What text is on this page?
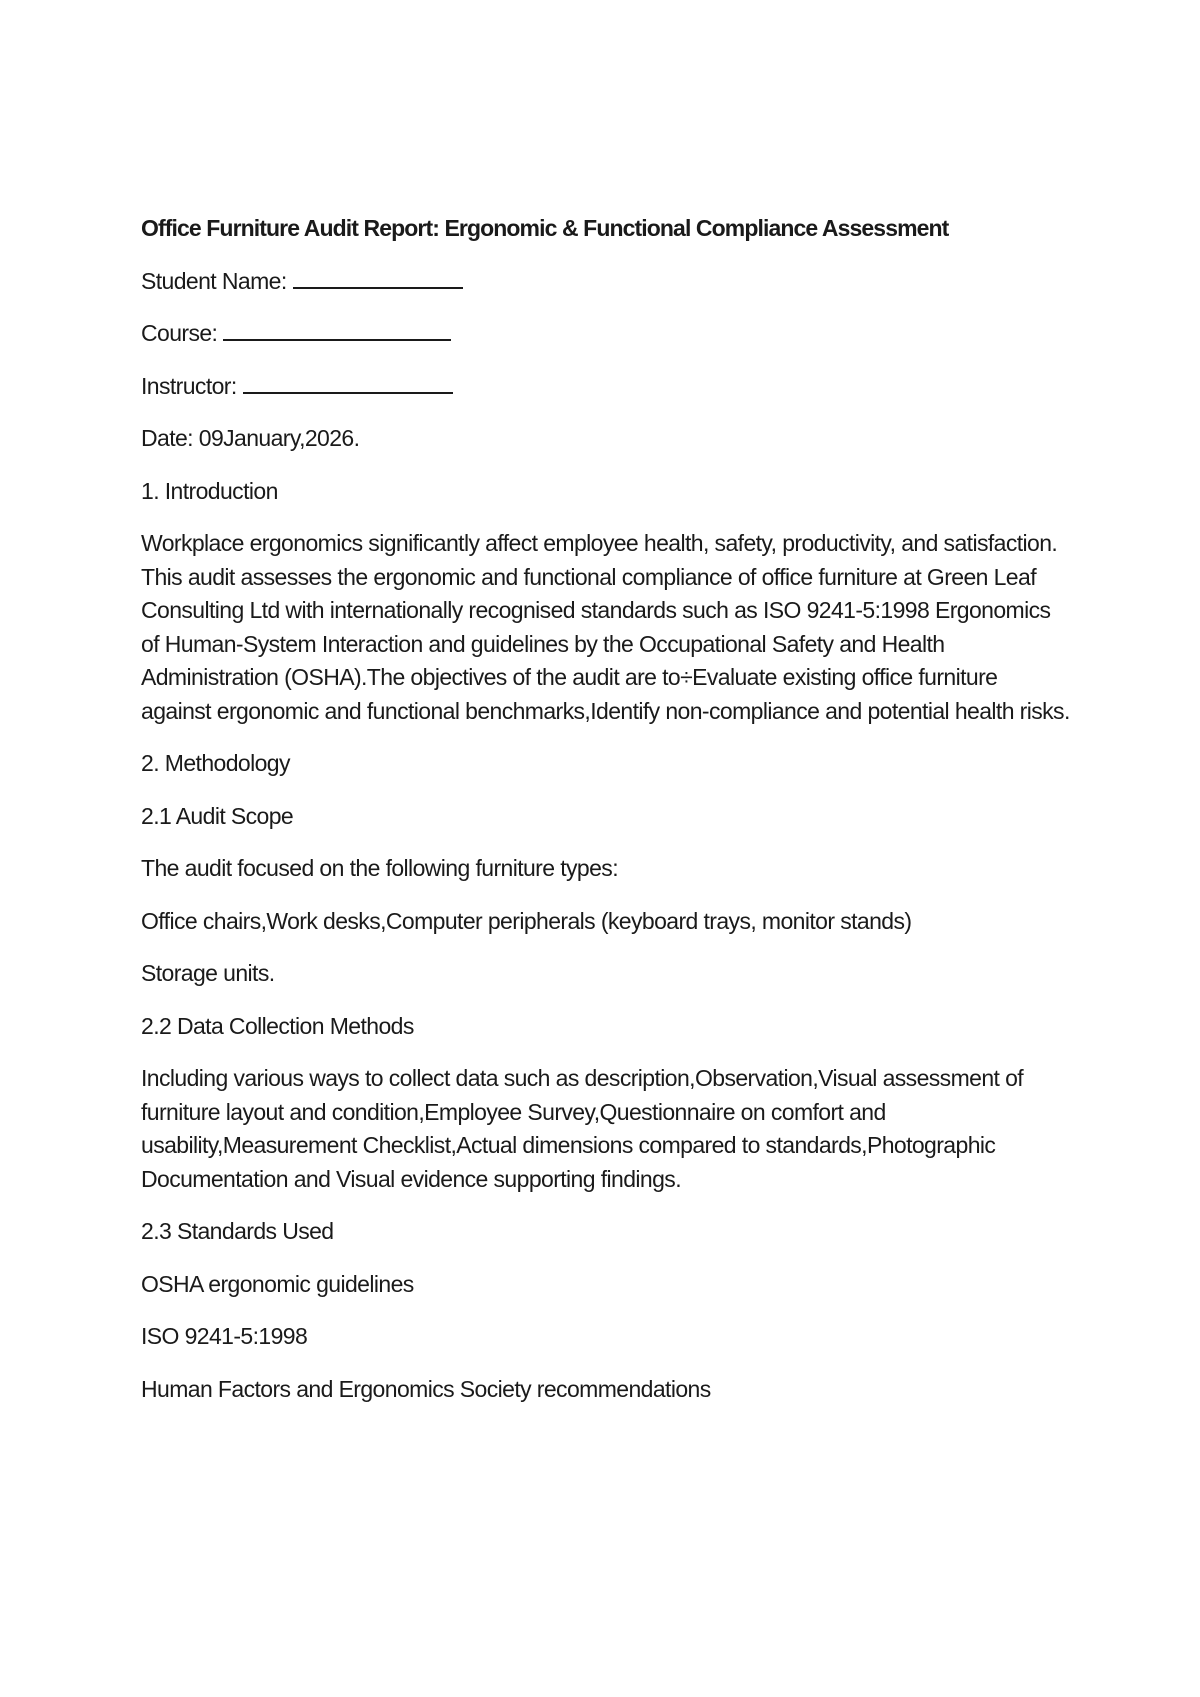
Office Furniture Audit Report: Ergonomic & Functional Compliance Assessment

Student Name:

Course:

Instructor:

Date: 09January,2026.

1. Introduction

Workplace ergonomics significantly affect employee health, safety, productivity, and satisfaction. This audit assesses the ergonomic and functional compliance of office furniture at Green Leaf Consulting Ltd with internationally recognised standards such as ISO 9241-5:1998 Ergonomics of Human-System Interaction and guidelines by the Occupational Safety and Health Administration (OSHA).The objectives of the audit are to÷Evaluate existing office furniture against ergonomic and functional benchmarks,Identify non-compliance and potential health risks.

2. Methodology

2.1 Audit Scope

The audit focused on the following furniture types:

Office chairs,Work desks,Computer peripherals (keyboard trays, monitor stands)

Storage units.

2.2 Data Collection Methods

Including various ways to collect data such as description,Observation,Visual assessment of furniture layout and condition,Employee Survey,Questionnaire on comfort and usability,Measurement Checklist,Actual dimensions compared to standards,Photographic Documentation and Visual evidence supporting findings.

2.3 Standards Used

OSHA ergonomic guidelines

ISO 9241-5:1998

Human Factors and Ergonomics Society recommendations
